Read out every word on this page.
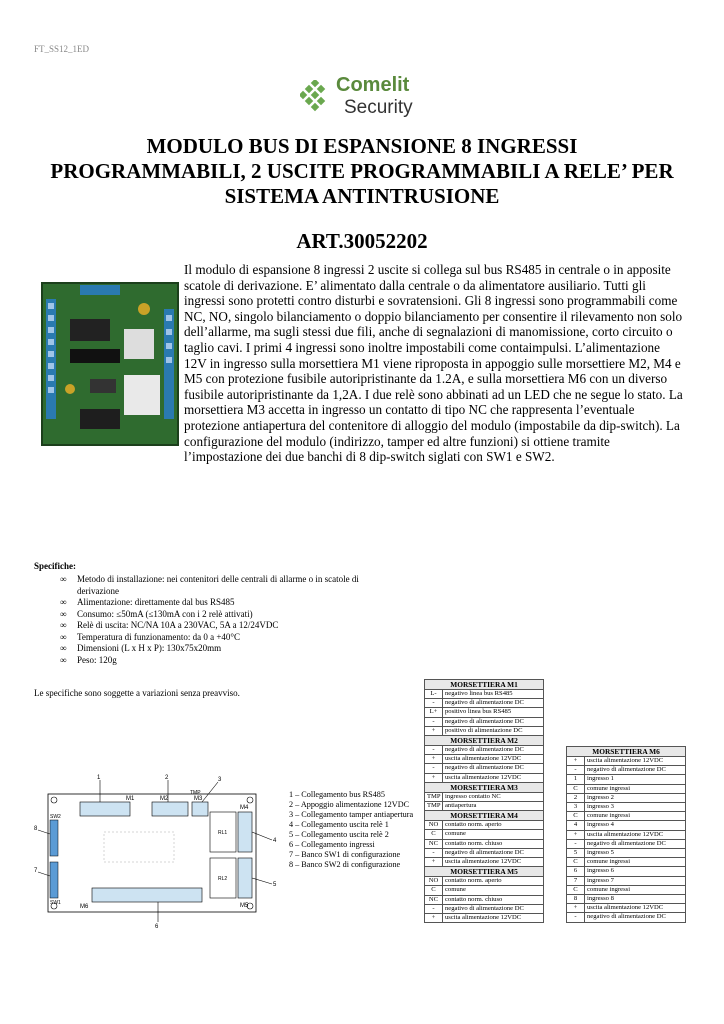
FT_SS12_1ED
Comelit
Security
MODULO BUS DI ESPANSIONE 8 INGRESSI
PROGRAMMABILI, 2 USCITE PROGRAMMABILI A RELE’ PER
SISTEMA ANTINTRUSIONE
ART.30052202
Il modulo di espansione 8 ingressi 2 uscite si collega sul bus RS485 in centrale o in apposite scatole di derivazione. E’ alimentato dalla centrale o da alimentatore ausiliario. Tutti gli ingressi sono protetti contro disturbi e sovratensioni. Gli 8 ingressi sono programmabili come NC, NO, singolo bilanciamento o doppio bilanciamento per consentire il rilevamento non solo dell’allarme, ma sugli stessi due fili, anche di segnalazioni di manomissione, corto circuito o taglio cavi. I primi 4 ingressi sono inoltre impostabili come contaimpulsi. L’alimentazione 12V in ingresso sulla morsettiera M1 viene riproposta in appoggio sulle morsettiere M2, M4 e M5 con protezione fusibile autoripristinante da 1.2A, e sulla morsettiera M6 con un diverso fusibile autoripristinante da 1,2A. I due relè sono abbinati ad un LED che ne segue lo stato. La morsettiera M3 accetta in ingresso un contatto di tipo NC che rappresenta l’eventuale protezione antiapertura del contenitore di alloggio del modulo (impostabile da dip-switch). La configurazione del modulo (indirizzo, tamper ed altre funzioni) si ottiene tramite l’impostazione dei due banchi di 8 dip-switch siglati con SW1 e SW2.
Specifiche:
∞ Metodo di installazione: nei contenitori delle centrali di allarme o in scatole di derivazione
∞ Alimentazione: direttamente dal bus RS485
∞ Consumo: ≤50mA (≤130mA con i 2 relè attivati)
∞ Relè di uscita: NC/NA 10A a 230VAC, 5A a 12/24VDC
∞ Temperatura di funzionamento: da 0 a +40°C
∞ Dimensioni (L x H x P): 130x75x20mm
∞ Peso: 120g
Le specifiche sono soggette a variazioni senza preavviso.
M1	M2	M3
M4
M5
M6
SW2
SW1
RL1
RL2
TMP
1	2	3
4
5
6
7
8
1 – Collegamento bus RS485
2 – Appoggio alimentazione 12VDC
3 – Collegamento tamper antiapertura
4 – Collegamento uscita relè 1
5 – Collegamento uscita relè 2
6 – Collegamento ingressi
7 – Banco SW1 di configurazione
8 – Banco SW2 di configurazione
MORSETTIERA M1	
L-	negativo linea bus RS485
-	negativo di alimentazione DC
L+	positivo linea bus RS485
-	negativo di alimentazione DC
+	positivo di alimentazione DC
MORSETTIERA M2	
-	negativo di alimentazione DC
+	uscita alimentazione 12VDC
-	negativo di alimentazione DC
+	uscita alimentazione 12VDC
MORSETTIERA M3	
TMP	ingresso contatto NC
TMP	antiapertura
MORSETTIERA M4	
NO	contatto norm. aperto
C	comune
NC	contatto norm. chiuso
-	negativo di alimentazione DC
+	uscita alimentazione 12VDC
MORSETTIERA M5	
NO	contatto norm. aperto
C	comune
NC	contatto norm. chiuso
-	negativo di alimentazione DC
+	uscita alimentazione 12VDC
MORSETTIERA M6	
+	uscita alimentazione 12VDC
-	negativo di alimentazione DC
1	ingresso 1
C	comune ingressi
2	ingresso 2
3	ingresso 3
C	comune ingressi
4	ingresso 4
+	uscita alimentazione 12VDC
-	negativo di alimentazione DC
5	ingresso 5
C	comune ingressi
6	ingresso 6
7	ingresso 7
C	comune ingressi
8	ingresso 8
+	uscita alimentazione 12VDC
-	negativo di alimentazione DC
